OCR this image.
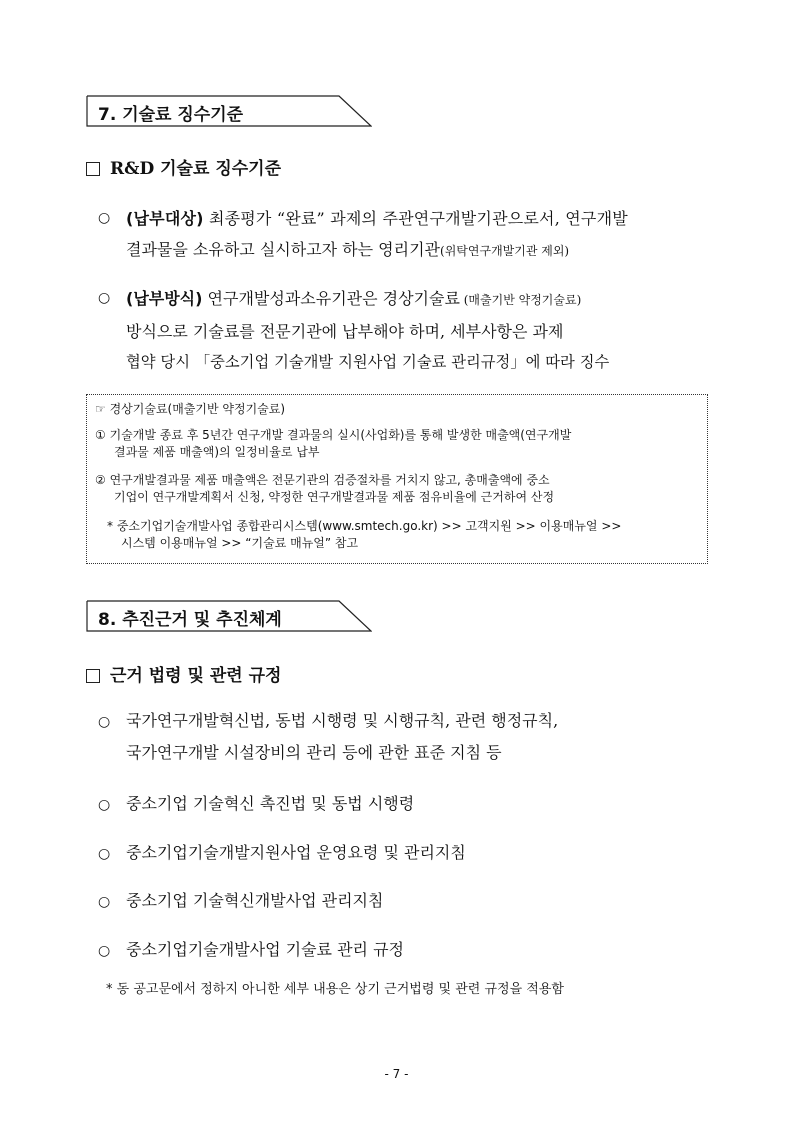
7. 기술료 징수기준
R&D 기술료 징수기준
○ (납부대상) 최종평가 “완료” 과제의 주관연구개발기관으로서, 연구개발
결과물을 소유하고 실시하고자 하는 영리기관(위탁연구개발기관 제외)
○ (납부방식) 연구개발성과소유기관은 경상기술료 (매출기반 약정기술료)
방식으로 기술료를 전문기관에 납부해야 하며, 세부사항은 과제
협약 당시 「중소기업 기술개발 지원사업 기술료 관리규정」에 따라 징수
☞ 경상기술료(매출기반 약정기술료)
① 기술개발 종료 후 5년간 연구개발 결과물의 실시(사업화)를 통해 발생한 매출액(연구개발
결과물 제품 매출액)의 일정비율로 납부
② 연구개발결과물 제품 매출액은 전문기관의 검증절차를 거치지 않고, 총매출액에 중소
기업이 연구개발계획서 신청, 약정한 연구개발결과물 제품 점유비율에 근거하여 산정
* 중소기업기술개발사업 종합관리시스템(www.smtech.go.kr) >> 고객지원 >> 이용매뉴얼 >>
시스템 이용매뉴얼 >> “기술료 매뉴얼” 참고
8. 추진근거 및 추진체계
근거 법령 및 관련 규정
○ 국가연구개발혁신법, 동법 시행령 및 시행규칙, 관련 행정규칙,
국가연구개발 시설장비의 관리 등에 관한 표준 지침 등
○ 중소기업 기술혁신 촉진법 및 동법 시행령
○ 중소기업기술개발지원사업 운영요령 및 관리지침
○ 중소기업 기술혁신개발사업 관리지침
○ 중소기업기술개발사업 기술료 관리 규정
* 동 공고문에서 정하지 아니한 세부 내용은 상기 근거법령 및 관련 규정을 적용함
- 7 -
